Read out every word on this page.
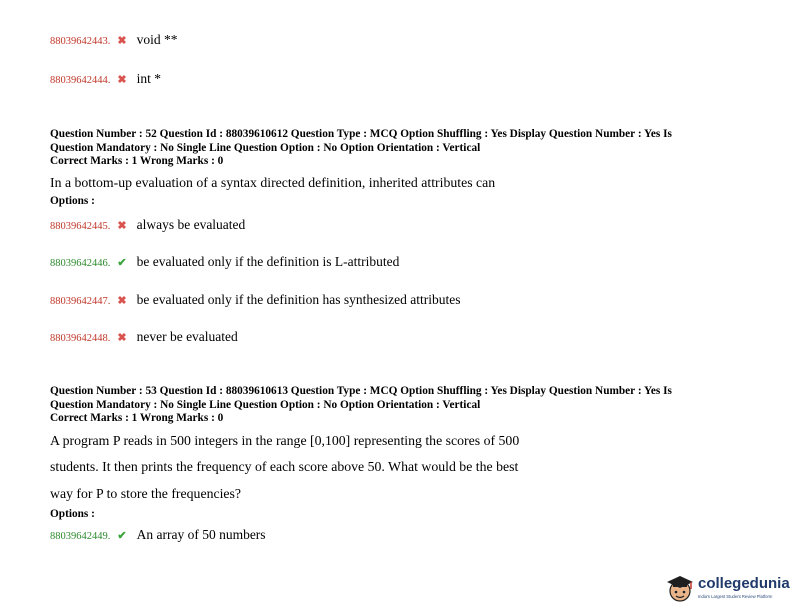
88039642443. ✖ void **
88039642444. ✖ int *
Question Number : 52 Question Id : 88039610612 Question Type : MCQ Option Shuffling : Yes Display Question Number : Yes Is
Question Mandatory : No Single Line Question Option : No Option Orientation : Vertical
Correct Marks : 1 Wrong Marks : 0
In a bottom-up evaluation of a syntax directed definition, inherited attributes can
Options :
88039642445. ✖ always be evaluated
88039642446. ✔ be evaluated only if the definition is L-attributed
88039642447. ✖ be evaluated only if the definition has synthesized attributes
88039642448. ✖ never be evaluated
Question Number : 53 Question Id : 88039610613 Question Type : MCQ Option Shuffling : Yes Display Question Number : Yes Is
Question Mandatory : No Single Line Question Option : No Option Orientation : Vertical
Correct Marks : 1 Wrong Marks : 0
A program P reads in 500 integers in the range [0,100] representing the scores of 500
students. It then prints the frequency of each score above 50. What would be the best
way for P to store the frequencies?
Options :
88039642449. ✔ An array of 50 numbers
collegedunia
India's Largest Student Review Platform
